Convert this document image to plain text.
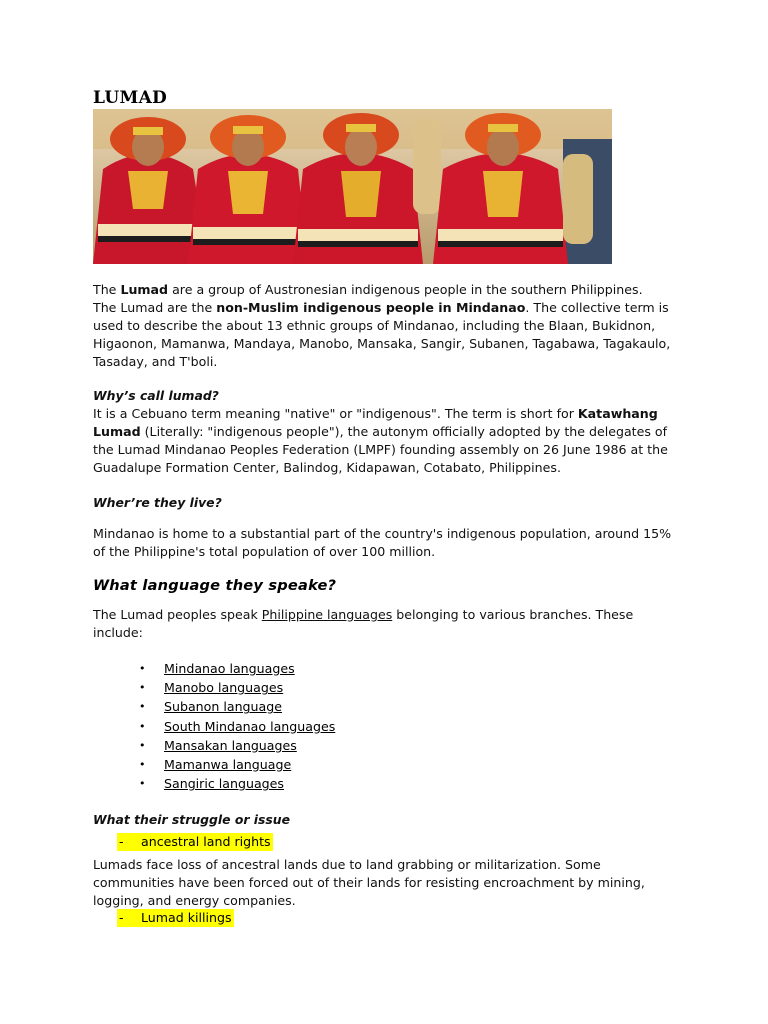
LUMAD

The Lumad are a group of Austronesian indigenous people in the southern Philippines.

The Lumad are the non-Muslim indigenous people in Mindanao. The collective term is used to describe the about 13 ethnic groups of Mindanao, including the Blaan, Bukidnon, Higaonon, Mamanwa, Mandaya, Manobo, Mansaka, Sangir, Subanen, Tagabawa, Tagakaulo, Tasaday, and T'boli.

Why’s call lumad?

It is a Cebuano term meaning "native" or "indigenous". The term is short for Katawhang Lumad (Literally: "indigenous people"), the autonym officially adopted by the delegates of the Lumad Mindanao Peoples Federation (LMPF) founding assembly on 26 June 1986 at the Guadalupe Formation Center, Balindog, Kidapawan, Cotabato, Philippines.

Wher’re they live?

Mindanao is home to a substantial part of the country's indigenous population, around 15% of the Philippine's total population of over 100 million.

What language they speake?

The Lumad peoples speak Philippine languages belonging to various branches. These include:

• Mindanao languages
• Manobo languages
• Subanon language
• South Mindanao languages
• Mansakan languages
• Mamanwa language
• Sangiric languages

What their struggle or issue

- ancestral land rights

Lumads face loss of ancestral lands due to land grabbing or militarization. Some communities have been forced out of their lands for resisting encroachment by mining, logging, and energy companies.

- Lumad killings
